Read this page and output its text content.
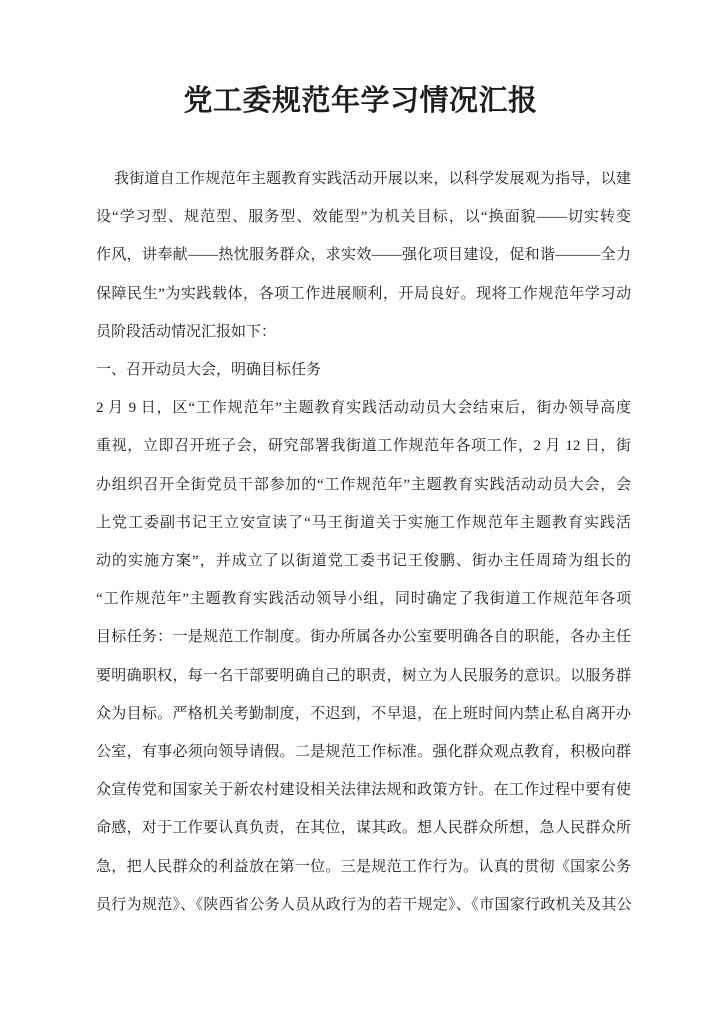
党工委规范年学习情况汇报
我街道自工作规范年主题教育实践活动开展以来，以科学发展观为指导，以建
设“学习型、规范型、服务型、效能型”为机关目标，以“换面貌——切实转变
作风，讲奉献——热忱服务群众，求实效——强化项目建设，促和谐———全力
保障民生”为实践载体，各项工作进展顺利，开局良好。现将工作规范年学习动
员阶段活动情况汇报如下：
一、召开动员大会，明确目标任务
2 月 9 日，区“工作规范年”主题教育实践活动动员大会结束后，街办领导高度
重视，立即召开班子会，研究部署我街道工作规范年各项工作，2 月 12 日，街
办组织召开全街党员干部参加的“工作规范年”主题教育实践活动动员大会，会
上党工委副书记王立安宣读了“马王街道关于实施工作规范年主题教育实践活
动的实施方案”，并成立了以街道党工委书记王俊鹏、街办主任周琦为组长的
“工作规范年”主题教育实践活动领导小组，同时确定了我街道工作规范年各项
目标任务：一是规范工作制度。街办所属各办公室要明确各自的职能，各办主任
要明确职权，每一名干部要明确自己的职责，树立为人民服务的意识。以服务群
众为目标。严格机关考勤制度，不迟到，不早退，在上班时间内禁止私自离开办
公室，有事必须向领导请假。二是规范工作标准。强化群众观点教育，积极向群
众宣传党和国家关于新农村建设相关法律法规和政策方针。在工作过程中要有使
命感，对于工作要认真负责，在其位，谋其政。想人民群众所想，急人民群众所
急，把人民群众的利益放在第一位。三是规范工作行为。认真的贯彻《国家公务
员行为规范》、《陕西省公务人员从政行为的若干规定》、《市国家行政机关及其公
